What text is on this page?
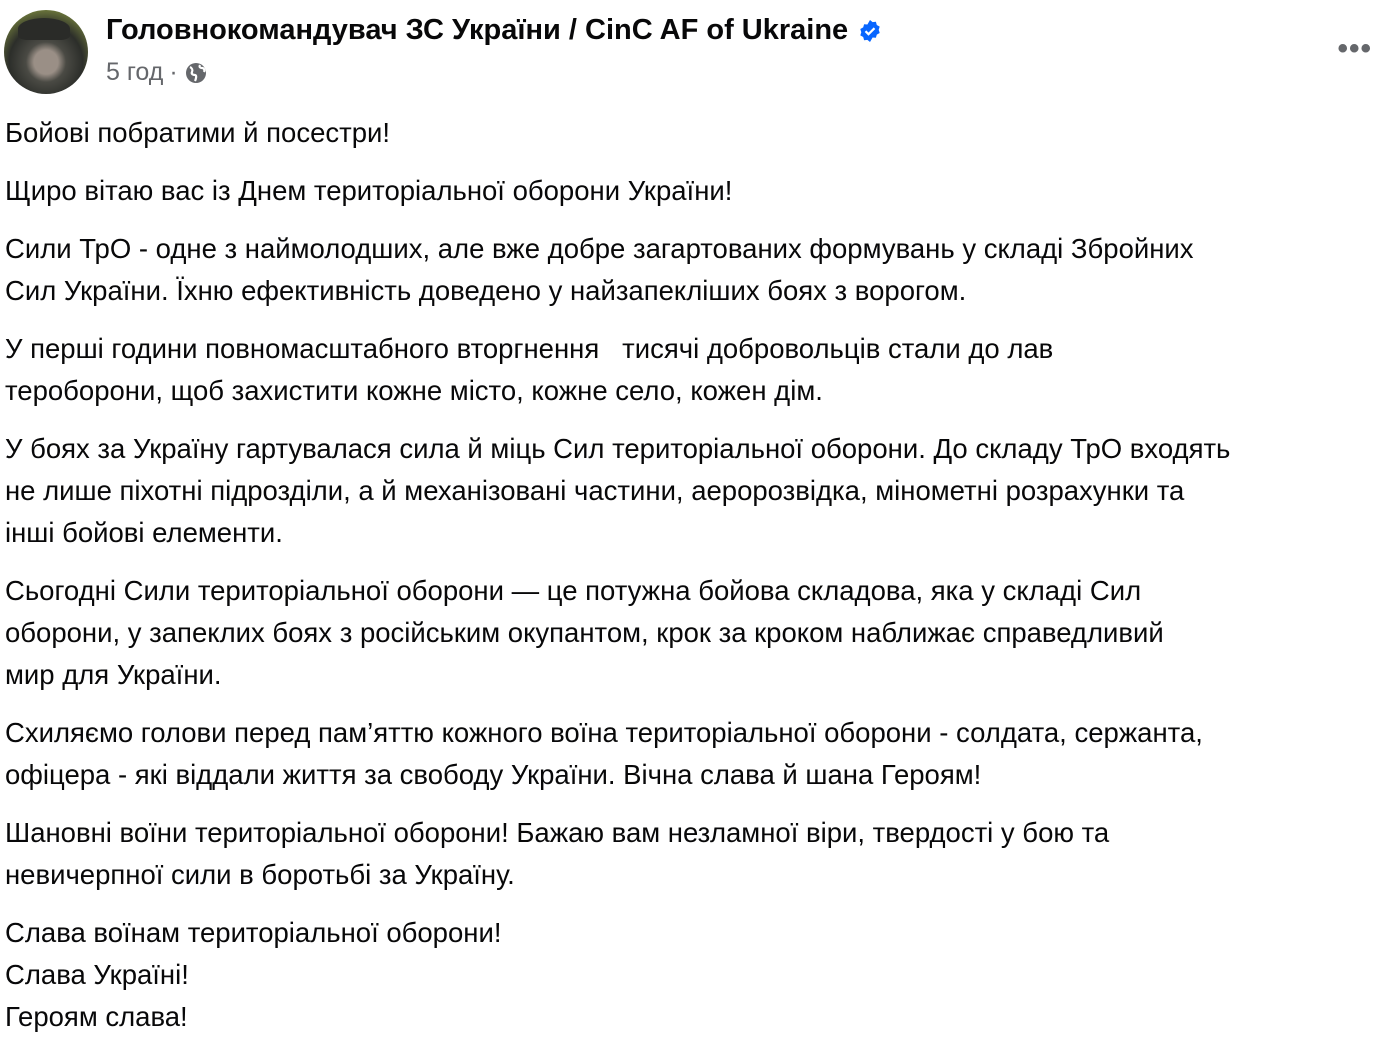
Головнокомандувач ЗС України / CinC AF of Ukraine
5 год ·
•••
Бойові побратими й посестри!
Щиро вітаю вас із Днем територіальної оборони України!
Сили ТрО - одне з наймолодших, але вже добре загартованих формувань у складі Збройних
Сил України. Їхню ефективність доведено у найзапекліших боях з ворогом.
У перші години повномасштабного вторгнення   тисячі добровольців стали до лав
тероборони, щоб захистити кожне місто, кожне село, кожен дім.
У боях за Україну гартувалася сила й міць Сил територіальної оборони. До складу ТрО входять
не лише піхотні підрозділи, а й механізовані частини, аеророзвідка, мінометні розрахунки та
інші бойові елементи.
Сьогодні Сили територіальної оборони — це потужна бойова складова, яка у складі Сил
оборони, у запеклих боях з російським окупантом, крок за кроком наближає справедливий
мир для України.
Схиляємо голови перед пам’яттю кожного воїна територіальної оборони - солдата, сержанта,
офіцера - які віддали життя за свободу України. Вічна слава й шана Героям!
Шановні воїни територіальної оборони! Бажаю вам незламної віри, твердості у бою та
невичерпної сили в боротьбі за Україну.
Слава воїнам територіальної оборони!
Слава Україні!
Героям слава!
